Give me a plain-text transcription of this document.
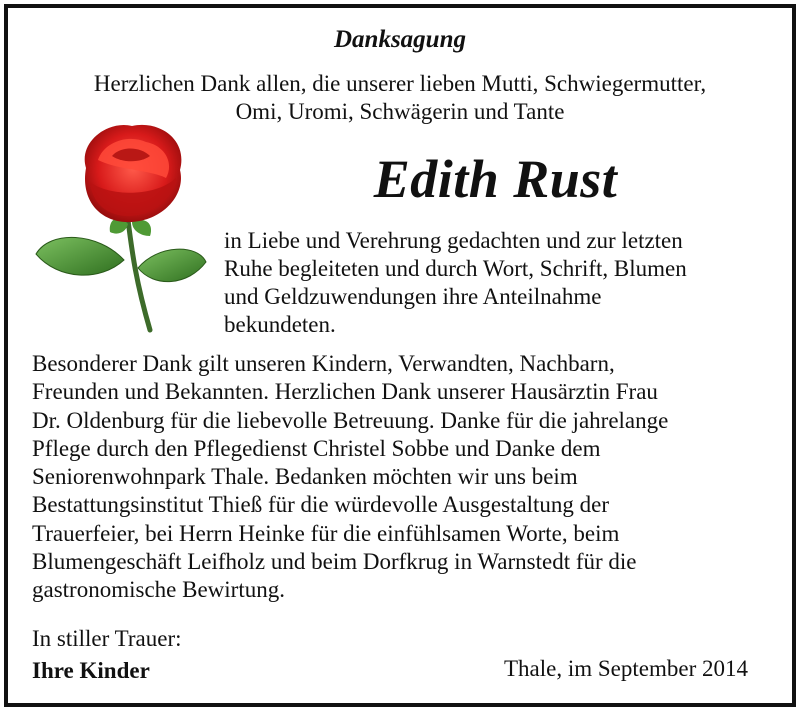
Danksagung
Herzlichen Dank allen, die unserer lieben Mutti, Schwiegermutter,
Omi, Uromi, Schwägerin und Tante
Edith Rust
in Liebe und Verehrung gedachten und zur letzten
Ruhe begleiteten und durch Wort, Schrift, Blumen
und Geldzuwendungen ihre Anteilnahme
bekundeten.
Besonderer Dank gilt unseren Kindern, Verwandten, Nachbarn,
Freunden und Bekannten. Herzlichen Dank unserer Hausärztin Frau
Dr. Oldenburg für die liebevolle Betreuung. Danke für die jahrelange
Pflege durch den Pflegedienst Christel Sobbe und Danke dem
Seniorenwohnpark Thale. Bedanken möchten wir uns beim
Bestattungsinstitut Thieß für die würdevolle Ausgestaltung der
Trauerfeier, bei Herrn Heinke für die einfühlsamen Worte, beim
Blumengeschäft Leifholz und beim Dorfkrug in Warnstedt für die
gastronomische Bewirtung.
In stiller Trauer:
Ihre Kinder	Thale, im September 2014
